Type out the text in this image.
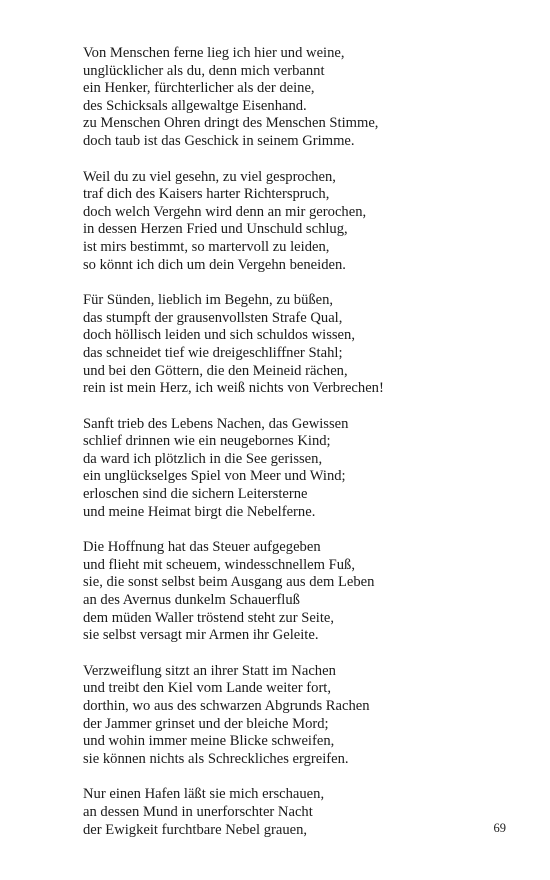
Von Menschen ferne lieg ich hier und weine,
unglücklicher als du, denn mich verbannt
ein Henker, fürchterlicher als der deine,
des Schicksals allgewaltge Eisenhand.
zu Menschen Ohren dringt des Menschen Stimme,
doch taub ist das Geschick in seinem Grimme.
Weil du zu viel gesehn, zu viel gesprochen,
traf dich des Kaisers harter Richterspruch,
doch welch Vergehn wird denn an mir gerochen,
in dessen Herzen Fried und Unschuld schlug,
ist mirs bestimmt, so martervoll zu leiden,
so könnt ich dich um dein Vergehn beneiden.
Für Sünden, lieblich im Begehn, zu büßen,
das stumpft der grausenvollsten Strafe Qual,
doch höllisch leiden und sich schuldos wissen,
das schneidet tief wie dreigeschliffner Stahl;
und bei den Göttern, die den Meineid rächen,
rein ist mein Herz, ich weiß nichts von Verbrechen!
Sanft trieb des Lebens Nachen, das Gewissen
schlief drinnen wie ein neugebornes Kind;
da ward ich plötzlich in die See gerissen,
ein unglückselges Spiel von Meer und Wind;
erloschen sind die sichern Leitersterne
und meine Heimat birgt die Nebelferne.
Die Hoffnung hat das Steuer aufgegeben
und flieht mit scheuem, windesschnellem Fuß,
sie, die sonst selbst beim Ausgang aus dem Leben
an des Avernus dunkelm Schauerfluß
dem müden Waller tröstend steht zur Seite,
sie selbst versagt mir Armen ihr Geleite.
Verzweiflung sitzt an ihrer Statt im Nachen
und treibt den Kiel vom Lande weiter fort,
dorthin, wo aus des schwarzen Abgrunds Rachen
der Jammer grinset und der bleiche Mord;
und wohin immer meine Blicke schweifen,
sie können nichts als Schreckliches ergreifen.
Nur einen Hafen läßt sie mich erschauen,
an dessen Mund in unerforschter Nacht
der Ewigkeit furchtbare Nebel grauen,	69
